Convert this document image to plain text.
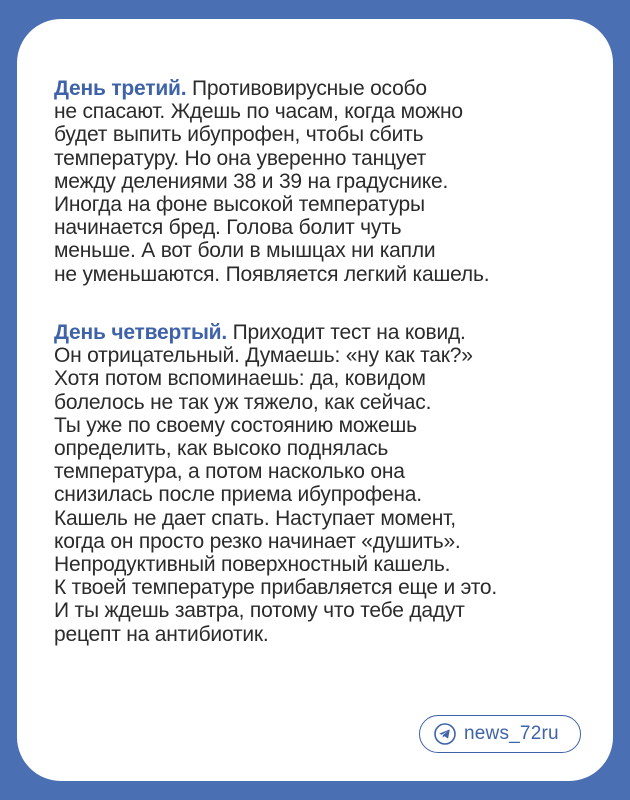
День третий. Противовирусные особо
не спасают. Ждешь по часам, когда можно
будет выпить ибупрофен, чтобы сбить
температуру. Но она уверенно танцует
между делениями 38 и 39 на градуснике.
Иногда на фоне высокой температуры
начинается бред. Голова болит чуть
меньше. А вот боли в мышцах ни капли
не уменьшаются. Появляется легкий кашель.
День четвертый. Приходит тест на ковид.
Он отрицательный. Думаешь: «ну как так?»
Хотя потом вспоминаешь: да, ковидом
болелось не так уж тяжело, как сейчас.
Ты уже по своему состоянию можешь
определить, как высоко поднялась
температура, а потом насколько она
снизилась после приема ибупрофена.
Кашель не дает спать. Наступает момент,
когда он просто резко начинает «душить».
Непродуктивный поверхностный кашель.
К твоей температуре прибавляется еще и это.
И ты ждешь завтра, потому что тебе дадут
рецепт на антибиотик.
news_72ru
